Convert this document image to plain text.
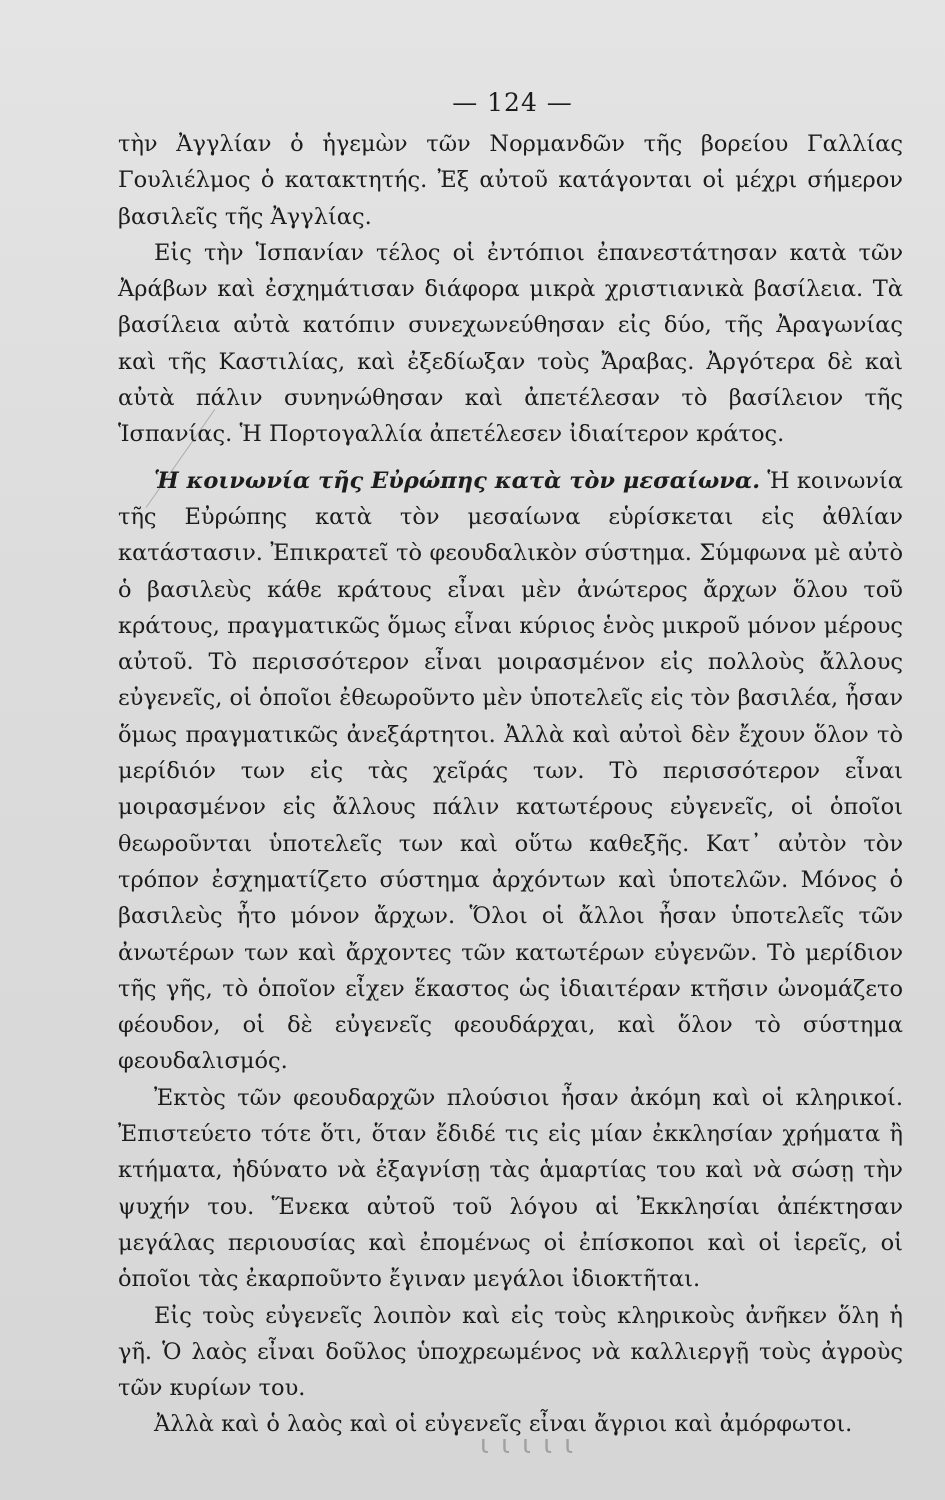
— 124 —

τὴν Ἀγγλίαν ὁ ἡγεμὼν τῶν Νορμανδῶν τῆς βορείου Γαλλίας Γουλιέλμος ὁ κατακτητής. Ἐξ αὐτοῦ κατάγονται οἱ μέχρι σήμερον βασιλεῖς τῆς Ἀγγλίας.

Εἰς τὴν Ἱσπανίαν τέλος οἱ ἐντόπιοι ἐπανεστάτησαν κατὰ τῶν Ἀράβων καὶ ἐσχημάτισαν διάφορα μικρὰ χριστιανικὰ βασίλεια. Τὰ βασίλεια αὐτὰ κατόπιν συνεχωνεύθησαν εἰς δύο, τῆς Ἀραγωνίας καὶ τῆς Καστιλίας, καὶ ἐξεδίωξαν τοὺς Ἄραβας. Ἀργότερα δὲ καὶ αὐτὰ πάλιν συνηνώθησαν καὶ ἀπετέλεσαν τὸ βασίλειον τῆς Ἱσπανίας. Ἡ Πορτογαλλία ἀπετέλεσεν ἰδιαίτερον κράτος.

Ἡ κοινωνία τῆς Εὐρώπης κατὰ τὸν μεσαίωνα. Ἡ κοινωνία τῆς Εὐρώπης κατὰ τὸν μεσαίωνα εὑρίσκεται εἰς ἀθλίαν κατάστασιν. Ἐπικρατεῖ τὸ φεουδαλικὸν σύστημα. Σύμφωνα μὲ αὐτὸ ὁ βασιλεὺς κάθε κράτους εἶναι μὲν ἀνώτερος ἄρχων ὅλου τοῦ κράτους, πραγματικῶς ὅμως εἶναι κύριος ἑνὸς μικροῦ μόνον μέρους αὐτοῦ. Τὸ περισσότερον εἶναι μοιρασμένον εἰς πολλοὺς ἄλλους εὐγενεῖς, οἱ ὁποῖοι ἐθεωροῦντο μὲν ὑποτελεῖς εἰς τὸν βασιλέα, ἦσαν ὅμως πραγματικῶς ἀνεξάρτητοι. Ἀλλὰ καὶ αὐτοὶ δὲν ἔχουν ὅλον τὸ μερίδιόν των εἰς τὰς χεῖράς των. Τὸ περισσότερον εἶναι μοιρασμένον εἰς ἄλλους πάλιν κατωτέρους εὐγενεῖς, οἱ ὁποῖοι θεωροῦνται ὑποτελεῖς των καὶ οὕτω καθεξῆς. Κατ᾽ αὐτὸν τὸν τρόπον ἐσχηματίζετο σύστημα ἀρχόντων καὶ ὑποτελῶν. Μόνος ὁ βασιλεὺς ἦτο μόνον ἄρχων. Ὅλοι οἱ ἄλλοι ἦσαν ὑποτελεῖς τῶν ἀνωτέρων των καὶ ἄρχοντες τῶν κατωτέρων εὐγενῶν. Τὸ μερίδιον τῆς γῆς, τὸ ὁποῖον εἶχεν ἕκαστος ὡς ἰδιαιτέραν κτῆσιν ὠνομάζετο φέουδον, οἱ δὲ εὐγενεῖς φεουδάρχαι, καὶ ὅλον τὸ σύστημα φεουδαλισμός.

Ἐκτὸς τῶν φεουδαρχῶν πλούσιοι ἦσαν ἀκόμη καὶ οἱ κληρικοί. Ἐπιστεύετο τότε ὅτι, ὅταν ἔδιδέ τις εἰς μίαν ἐκκλησίαν χρήματα ἢ κτήματα, ἠδύνατο νὰ ἐξαγνίσῃ τὰς ἁμαρτίας του καὶ νὰ σώσῃ τὴν ψυχήν του. Ἕνεκα αὐτοῦ τοῦ λόγου αἱ Ἐκκλησίαι ἀπέκτησαν μεγάλας περιουσίας καὶ ἐπομένως οἱ ἐπίσκοποι καὶ οἱ ἱερεῖς, οἱ ὁποῖοι τὰς ἐκαρποῦντο ἔγιναν μεγάλοι ἰδιοκτῆται.

Εἰς τοὺς εὐγενεῖς λοιπὸν καὶ εἰς τοὺς κληρικοὺς ἀνῆκεν ὅλη ἡ γῆ. Ὁ λαὸς εἶναι δοῦλος ὑποχρεωμένος νὰ καλλιεργῇ τοὺς ἀγροὺς τῶν κυρίων του.

Ἀλλὰ καὶ ὁ λαὸς καὶ οἱ εὐγενεῖς εἶναι ἄγριοι καὶ ἀμόρφωτοι.

ι ι ι ι ι
